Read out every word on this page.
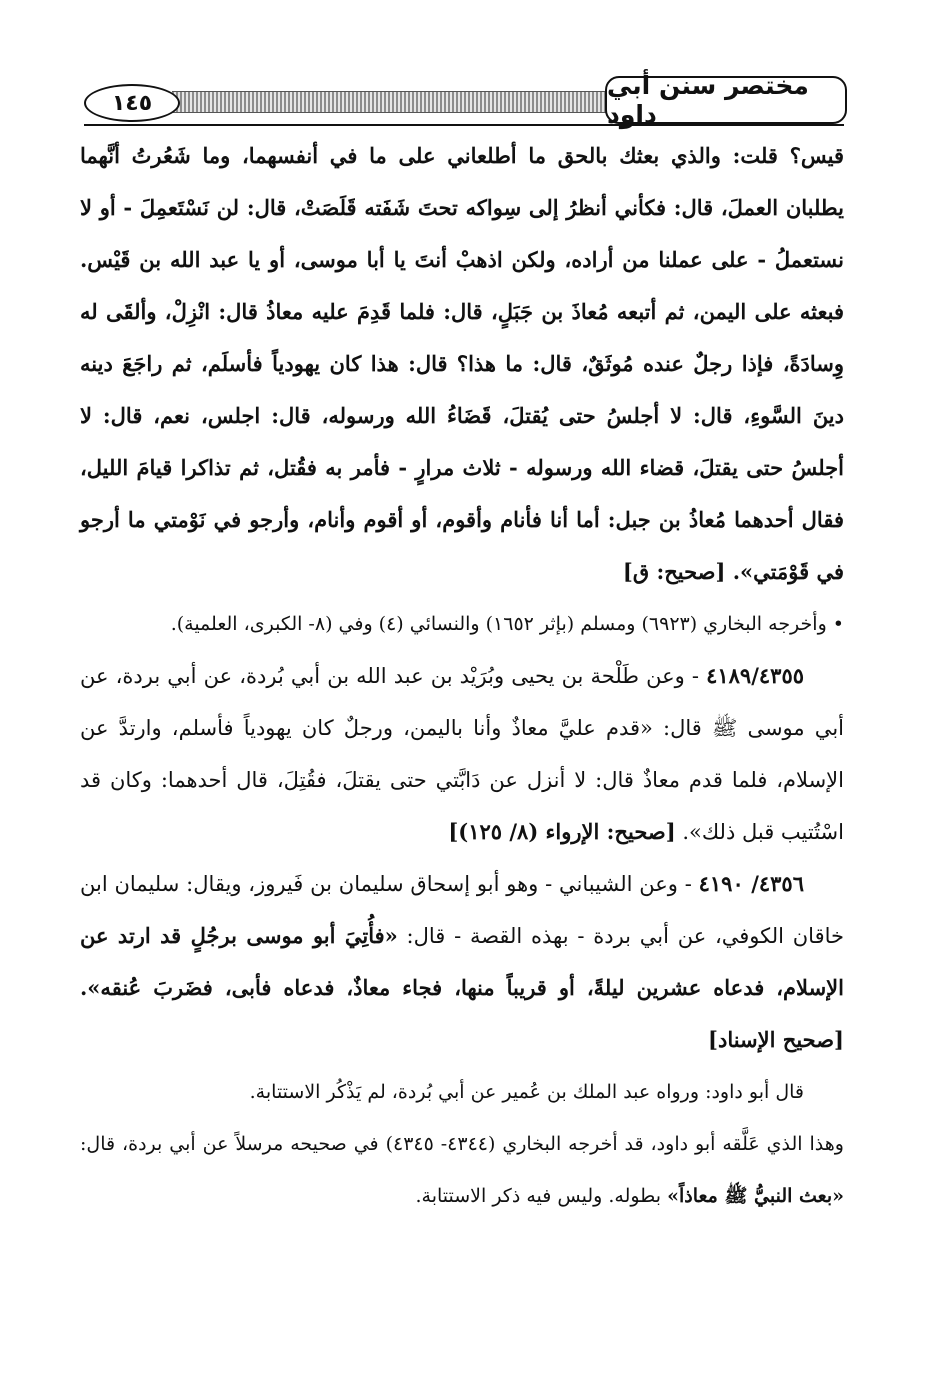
١٤٥
مختصر سنن أبي داود

قيس؟ قلت: والذي بعثك بالحق ما أطلعاني على ما في أنفسهما، وما شَعُرتُ أنَّهما يطلبان العملَ، قال: فكأني أنظرُ إلى سِواكه تحتَ شَفَته قَلَصَتْ، قال: لن نَسْتَعمِلَ - أو لا نستعملُ - على عملنا من أراده، ولكن اذهبْ أنتَ يا أبا موسى، أو يا عبد الله بن قَيْس. فبعثه على اليمن، ثم أتبعه مُعاذَ بن جَبَلٍ، قال: فلما قَدِمَ عليه معاذُ قال: انْزِلْ، وألقَى له وِسادَةً، فإذا رجلٌ عنده مُوثَقٌ، قال: ما هذا؟ قال: هذا كان يهودياً فأسلَم، ثم راجَعَ دينه دينَ السَّوءِ، قال: لا أجلسُ حتى يُقتلَ، قَضَاءُ الله ورسوله، قال: اجلس، نعم، قال: لا أجلسُ حتى يقتلَ، قضاء الله ورسوله - ثلاث مرارٍ - فأمر به فقُتل، ثم تذاكرا قيامَ الليل، فقال أحدهما مُعاذُ بن جبل: أما أنا فأنام وأقوم، أو أقوم وأنام، وأرجو في نَوْمتي ما أرجو في قَوْمَتي». [صحيح: ق]

• وأخرجه البخاري (٦٩٢٣) ومسلم (بإثر ١٦٥٢) والنسائي (٤) وفي (٨- الكبرى، العلمية).

٤١٨٩/٤٣٥٥ - وعن طَلْحة بن يحيى وبُرَيْد بن عبد الله بن أبي بُردة، عن أبي بردة، عن أبي موسى ﷺ قال: «قدم عليَّ معاذٌ وأنا باليمن، ورجلٌ كان يهودياً فأسلم، وارتدَّ عن الإسلام، فلما قدم معاذٌ قال: لا أنزل عن دَابَّتي حتى يقتلَ، فقُتِلَ، قال أحدهما: وكان قد اسْتُتيب قبل ذلك». [صحيح: الإرواء (٨/ ١٢٥)]

٤٣٥٦/ ٤١٩٠ - وعن الشيباني - وهو أبو إسحاق سليمان بن فَيروز، ويقال: سليمان ابن خاقان الكوفي، عن أبي بردة - بهذه القصة - قال: «فأُتِيَ أبو موسى برجُلٍ قد ارتد عن الإسلام، فدعاه عشرين ليلةً، أو قريباً منها، فجاء معاذٌ، فدعاه فأبى، فضَربَ عُنقه». [صحيح الإسناد]

قال أبو داود: ورواه عبد الملك بن عُمير عن أبي بُردة، لم يَذْكُر الاستتابة.

وهذا الذي عَلَّقه أبو داود، قد أخرجه البخاري (٤٣٤٤- ٤٣٤٥) في صحيحه مرسلاً عن أبي بردة، قال: «بعث النبيُّ ﷺ معاذاً» بطوله. وليس فيه ذكر الاستتابة.
